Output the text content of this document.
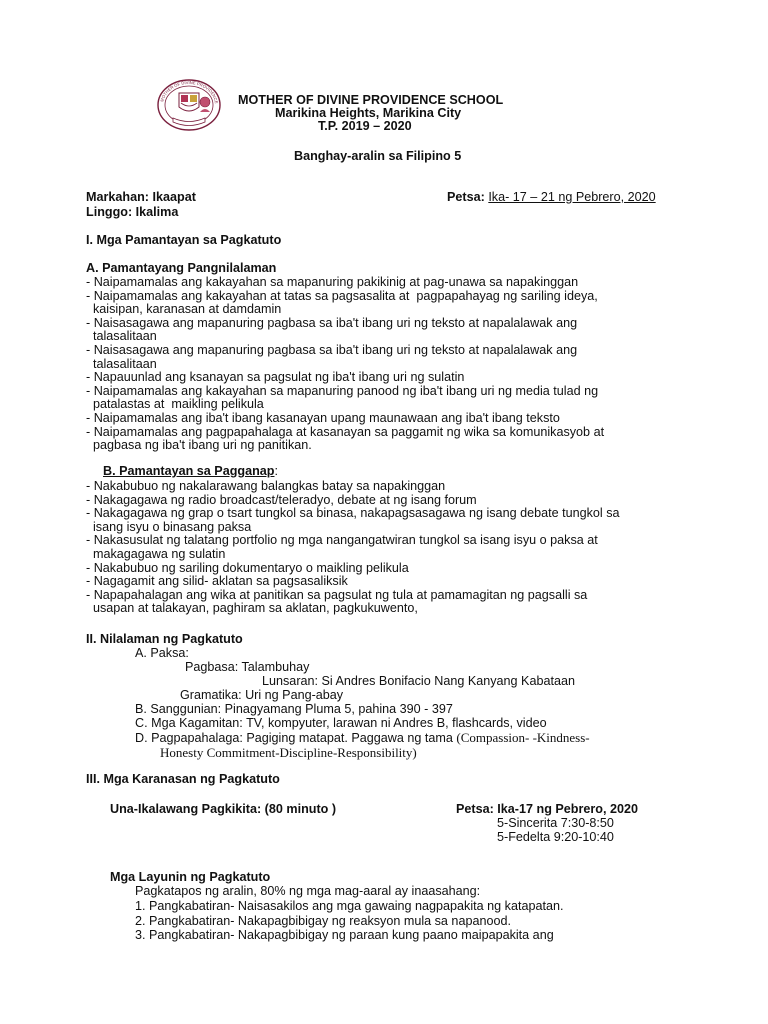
MOTHER OF DIVINE PROVIDENCE MOTHER OF DIVINE PROVIDENCE SCHOOL
Marikina Heights, Marikina City
T.P. 2019 – 2020
Banghay-aralin sa Filipino 5
Markahan: Ikaapat
Linggo: Ikalima
Petsa: Ika- 17 – 21 ng Pebrero, 2020
I. Mga Pamantayan sa Pagkatuto
A. Pamantayang Pangnilalaman
- Naipamamalas ang kakayahan sa mapanuring pakikinig at pag-unawa sa napakinggan
- Naipamamalas ang kakayahan at tatas sa pagsasalita at  pagpapahayag ng sariling ideya,
kaisipan, karanasan at damdamin
- Naisasagawa ang mapanuring pagbasa sa iba't ibang uri ng teksto at napalalawak ang
talasalitaan
- Naisasagawa ang mapanuring pagbasa sa iba't ibang uri ng teksto at napalalawak ang
talasalitaan
- Napauunlad ang ksanayan sa pagsulat ng iba't ibang uri ng sulatin
- Naipamamalas ang kakayahan sa mapanuring panood ng iba't ibang uri ng media tulad ng
patalastas at  maikling pelikula
- Naipamamalas ang iba't ibang kasanayan upang maunawaan ang iba't ibang teksto
- Naipamamalas ang pagpapahalaga at kasanayan sa paggamit ng wika sa komunikasyob at
pagbasa ng iba't ibang uri ng panitikan.
B. Pamantayan sa Pagganap:
- Nakabubuo ng nakalarawang balangkas batay sa napakinggan
- Nakagagawa ng radio broadcast/teleradyo, debate at ng isang forum
- Nakagagawa ng grap o tsart tungkol sa binasa, nakapagsasagawa ng isang debate tungkol sa
isang isyu o binasang paksa
- Nakasusulat ng talatang portfolio ng mga nangangatwiran tungkol sa isang isyu o paksa at
makagagawa ng sulatin
- Nakabubuo ng sariling dokumentaryo o maikling pelikula
- Nagagamit ang silid- aklatan sa pagsasaliksik
- Napapahalagan ang wika at panitikan sa pagsulat ng tula at pamamagitan ng pagsalli sa
usapan at talakayan, paghiram sa aklatan, pagkukuwento,
II. Nilalaman ng Pagkatuto
A. Paksa:
Pagbasa: Talambuhay
Lunsaran: Si Andres Bonifacio Nang Kanyang Kabataan
Gramatika: Uri ng Pang-abay
B. Sanggunian: Pinagyamang Pluma 5, pahina 390 - 397
C. Mga Kagamitan: TV, kompyuter, larawan ni Andres B, flashcards, video
D. Pagpapahalaga: Pagiging matapat. Paggawa ng tama (Compassion- -Kindness-
Honesty Commitment-Discipline-Responsibility)
III. Mga Karanasan ng Pagkatuto
Una-Ikalawang Pagkikita: (80 minuto )	Petsa: Ika-17 ng Pebrero, 2020
5-Sincerita 7:30-8:50
5-Fedelta 9:20-10:40
Mga Layunin ng Pagkatuto
Pagkatapos ng aralin, 80% ng mga mag-aaral ay inaasahang:
1. Pangkabatiran- Naisasakilos ang mga gawaing nagpapakita ng katapatan.
2. Pangkabatiran- Nakapagbibigay ng reaksyon mula sa napanood.
3. Pangkabatiran- Nakapagbibigay ng paraan kung paano maipapakita ang
